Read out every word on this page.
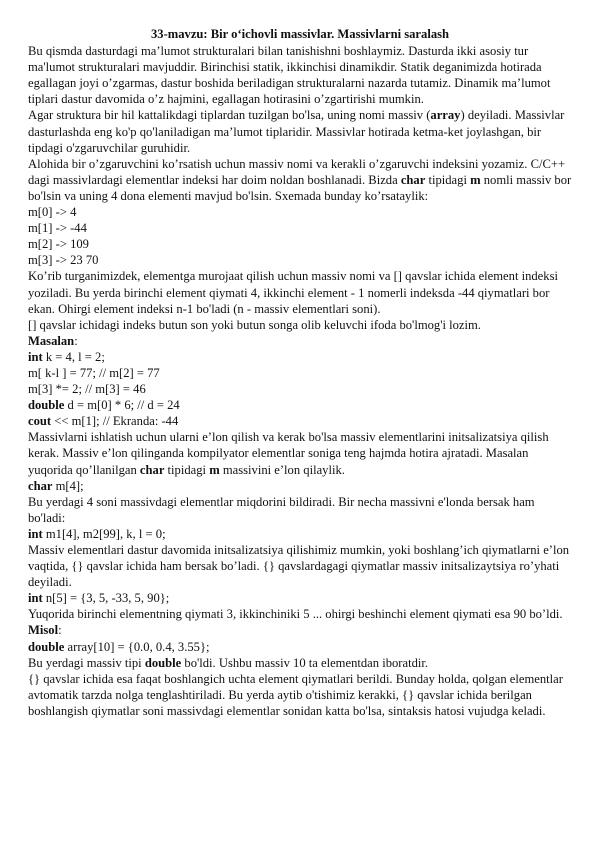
33-mavzu: Bir o‘ichovli massivlar. Massivlarni saralash

Bu qismda dasturdagi ma’lumot strukturalari bilan tanishishni boshlaymiz. Dasturda ikki asosiy tur ma'lumot strukturalari mavjuddir. Birinchisi statik, ikkinchisi dinamikdir. Statik deganimizda hotirada egallagan joyi o’zgarmas, dastur boshida beriladigan strukturalarni nazarda tutamiz. Dinamik ma’lumot tiplari dastur davomida o’z hajmini, egallagan hotirasini o’zgartirishi mumkin.

Agar struktura bir hil kattalikdagi tiplardan tuzilgan bo'lsa, uning nomi massiv (array) deyiladi. Massivlar dasturlashda eng ko'p qo'laniladigan ma’lumot tiplaridir. Massivlar hotirada ketma-ket joylashgan, bir tipdagi o'zgaruvchilar guruhidir.

Alohida bir o’zgaruvchini ko’rsatish uchun massiv nomi va kerakli o’zgaruvchi indeksini yozamiz. C/C++ dagi massivlardagi elementlar indeksi har doim noldan boshlanadi. Bizda char tipidagi m nomli massiv bor bo'lsin va uning 4 dona elementi mavjud bo'lsin. Sxemada bunday ko’rsataylik:

m[0] -> 4

m[1] -> -44

m[2] -> 109

m[3] -> 23 70

Ko’rib turganimizdek, elementga murojaat qilish uchun massiv nomi va [] qavslar ichida element indeksi yoziladi. Bu yerda birinchi element qiymati 4, ikkinchi element - 1 nomerli indeksda -44 qiymatlari bor ekan. Ohirgi element indeksi n-1 bo'ladi (n - massiv elementlari soni).

[] qavslar ichidagi indeks butun son yoki butun songa olib keluvchi ifoda bo'lmog'i lozim.

Masalan:

int k = 4, l = 2;

m[ k-l ] = 77; // m[2] = 77

m[3] *= 2; // m[3] = 46

double d = m[0] * 6; // d = 24

cout << m[1]; // Ekranda: -44

Massivlarni ishlatish uchun ularni e’lon qilish va kerak bo'lsa massiv elementlarini initsalizatsiya qilish kerak. Massiv e’lon qilinganda kompilyator elementlar soniga teng hajmda hotira ajratadi. Masalan yuqorida qo’llanilgan char tipidagi m massivini e’lon qilaylik.

char m[4];

Bu yerdagi 4 soni massivdagi elementlar miqdorini bildiradi. Bir necha massivni e'londa bersak ham bo'ladi:

int m1[4], m2[99], k, l = 0;

Massiv elementlari dastur davomida initsalizatsiya qilishimiz mumkin, yoki boshlang’ich qiymatlarni e’lon vaqtida, {} qavslar ichida ham bersak bo’ladi. {} qavslardagagi qiymatlar massiv initsalizaytsiya ro’yhati deyiladi.

int n[5] = {3, 5, -33, 5, 90};

Yuqorida birinchi elementning qiymati 3, ikkinchiniki 5 ... ohirgi beshinchi element qiymati esa 90 bo’ldi.

Misol:

double array[10] = {0.0, 0.4, 3.55};

Bu yerdagi massiv tipi double bo'ldi. Ushbu massiv 10 ta elementdan iboratdir.

{} qavslar ichida esa faqat boshlangich uchta element qiymatlari berildi. Bunday holda, qolgan elementlar avtomatik tarzda nolga tenglashtiriladi. Bu yerda aytib o'tishimiz kerakki, {} qavslar ichida berilgan boshlangish qiymatlar soni massivdagi elementlar sonidan katta bo'lsa, sintaksis hatosi vujudga keladi.
